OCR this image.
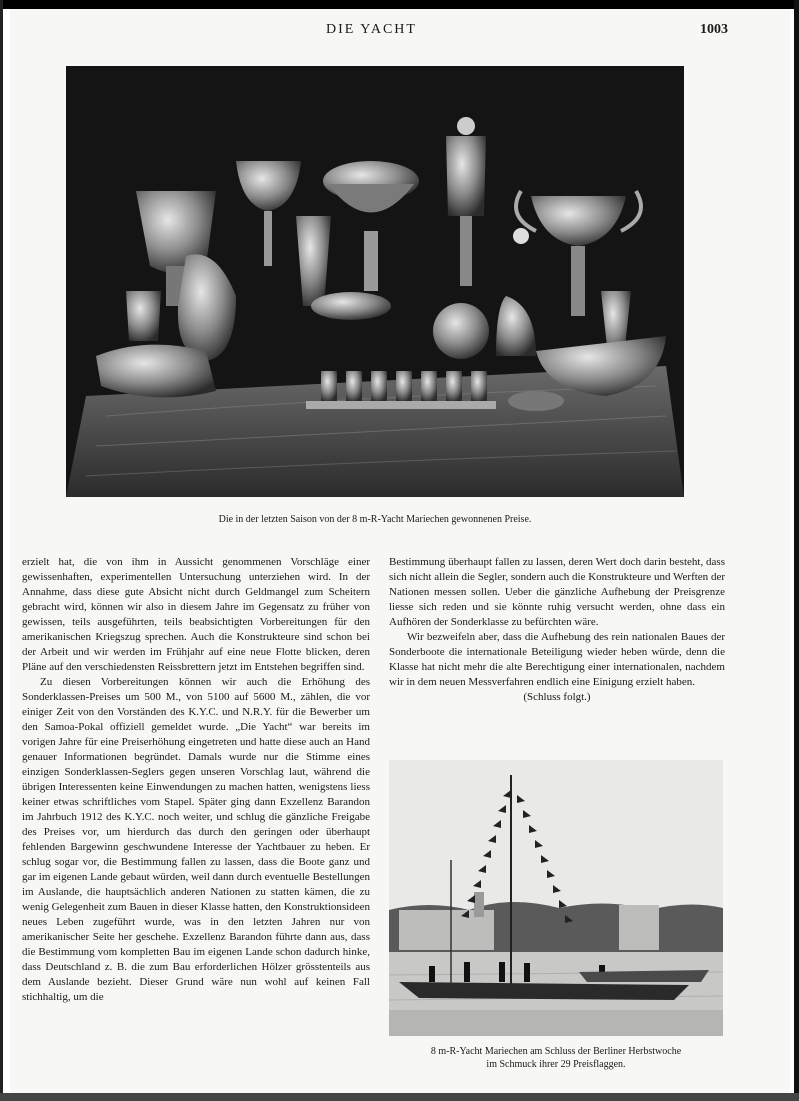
DIE YACHT	1003
Die in der letzten Saison von der 8 m-R-Yacht Mariechen gewonnenen Preise.

erzielt hat, die von ihm in Aussicht genommenen Vorschläge einer gewissenhaften, experimentellen Untersuchung unterziehen wird. In der Annahme, dass diese gute Absicht nicht durch Geldmangel zum Scheitern gebracht wird, können wir also in diesem Jahre im Gegensatz zu früher von gewissen, teils ausgeführten, teils beabsichtigten Vorbereitungen für den amerikanischen Kriegszug sprechen. Auch die Konstrukteure sind schon bei der Arbeit und wir werden im Frühjahr auf eine neue Flotte blicken, deren Pläne auf den verschiedensten Reissbrettern jetzt im Entstehen begriffen sind.

Zu diesen Vorbereitungen können wir auch die Erhöhung des Sonderklassen-Preises um 500 M., von 5100 auf 5600 M., zählen, die vor einiger Zeit von den Vorständen des K.Y.C. und N.R.Y. für die Bewerber um den Samoa-Pokal offiziell gemeldet wurde. „Die Yacht“ war bereits im vorigen Jahre für eine Preiserhöhung eingetreten und hatte diese auch an Hand genauer Informationen begründet. Damals wurde nur die Stimme eines einzigen Sonderklassen-Seglers gegen unseren Vorschlag laut, während die übrigen Interessenten keine Einwendungen zu machen hatten, wenigstens liess keiner etwas schriftliches vom Stapel. Später ging dann Exzellenz Barandon im Jahrbuch 1912 des K.Y.C. noch weiter, und schlug die gänzliche Freigabe des Preises vor, um hierdurch das durch den geringen oder überhaupt fehlenden Bargewinn geschwundene Interesse der Yachtbauer zu heben. Er schlug sogar vor, die Bestimmung fallen zu lassen, dass die Boote ganz und gar im eigenen Lande gebaut würden, weil dann durch eventuelle Bestellungen im Auslande, die hauptsächlich anderen Nationen zu statten kämen, die zu wenig Gelegenheit zum Bauen in dieser Klasse hatten, den Konstruktionsideen neues Leben zugeführt wurde, was in den letzten Jahren nur von amerikanischer Seite her geschehe. Exzellenz Barandon führte dann aus, dass die Bestimmung vom kompletten Bau im eigenen Lande schon dadurch hinke, dass Deutschland z. B. die zum Bau erforderlichen Hölzer grösstenteils aus dem Auslande bezieht. Dieser Grund wäre nun wohl auf keinen Fall stichhaltig, um die

Bestimmung überhaupt fallen zu lassen, deren Wert doch darin besteht, dass sich nicht allein die Segler, sondern auch die Konstrukteure und Werften der Nationen messen sollen. Ueber die gänzliche Aufhebung der Preisgrenze liesse sich reden und sie könnte ruhig versucht werden, ohne dass ein Aufhören der Sonderklasse zu befürchten wäre.

Wir bezweifeln aber, dass die Aufhebung des rein nationalen Baues der Sonderboote die internationale Beteiligung wieder heben würde, denn die Klasse hat nicht mehr die alte Berechtigung einer internationalen, nachdem wir in dem neuen Messverfahren endlich eine Einigung erzielt haben.

(Schluss folgt.)

8 m-R-Yacht Mariechen am Schluss der Berliner Herbstwoche
im Schmuck ihrer 29 Preisflaggen.
